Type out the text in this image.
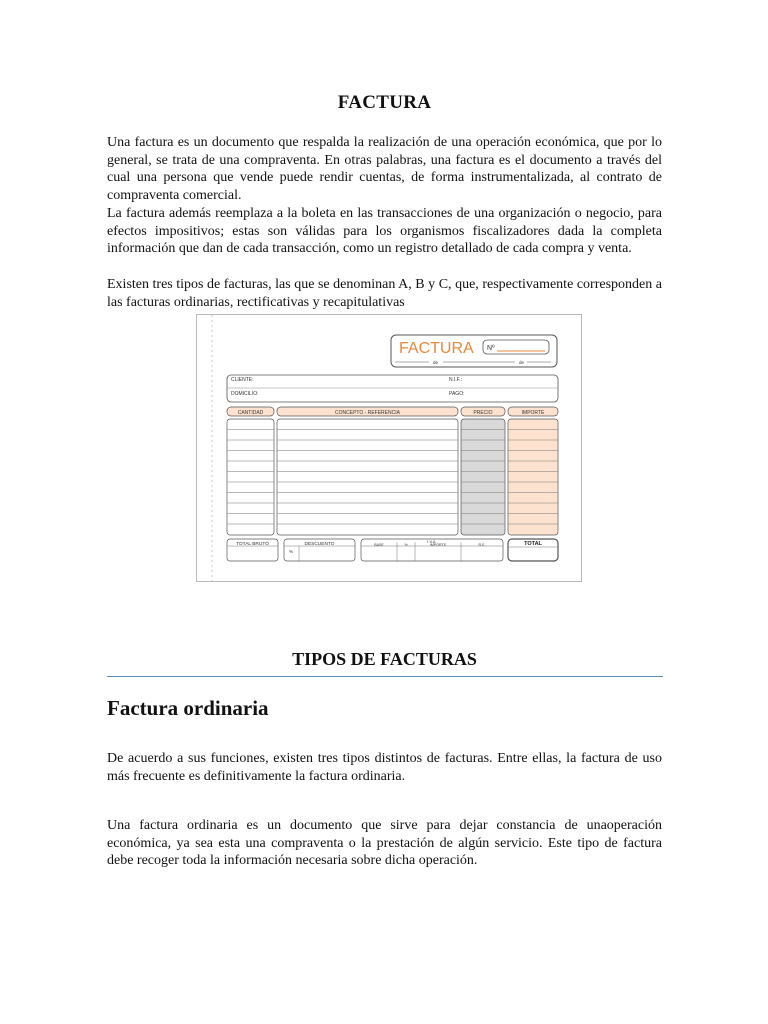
FACTURA

Una factura es un documento que respalda la realización de una operación económica, que por lo general, se trata de una compraventa. En otras palabras, una factura es el documento a través del cual una persona que vende puede rendir cuentas, de forma instrumentalizada, al contrato de compraventa comercial.

La factura además reemplaza a la boleta en las transacciones de una organización o negocio, para efectos impositivos; estas son válidas para los organismos fiscalizadores dada la completa información que dan de cada transacción, como un registro detallado de cada compra y venta.

Existen tres tipos de facturas, las que se denominan A, B y C, que, respectivamente corresponden a las facturas ordinarias, rectificativas y recapitulativas

FACTURA Nº
de	de
CLIENTE:	N.I.F.:
DOMICILIO:	PAGO:
CANTIDAD	CONCEPTO - REFERENCIA	PRECIO	IMPORTE
TOTAL BRUTO	DESCUENTO
%
I.V.A.
BASE	%	IMPORTE	R.E.	TOTAL
TIPOS DE FACTURAS
Factura ordinaria

De acuerdo a sus funciones, existen tres tipos distintos de facturas. Entre ellas, la factura de uso más frecuente es definitivamente la factura ordinaria.

Una factura ordinaria es un documento que sirve para dejar constancia de unaoperación económica, ya sea esta una compraventa o la prestación de algún servicio. Este tipo de factura debe recoger toda la información necesaria sobre dicha operación.
